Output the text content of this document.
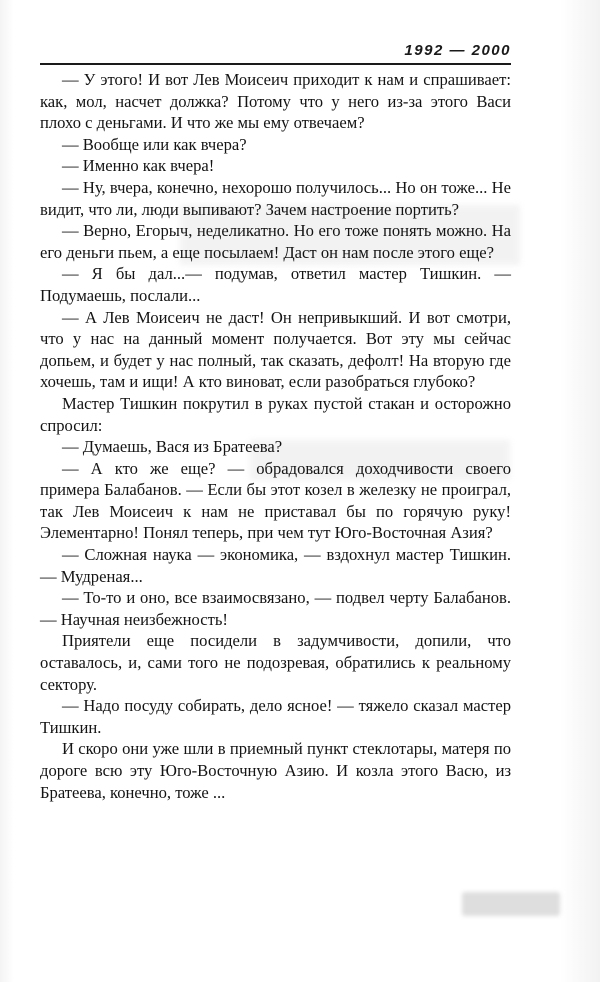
1992 — 2000

— У этого! И вот Лев Моисеич приходит к нам и спрашивает: как, мол, насчет должка? Потому что у него из-за этого Васи плохо с деньгами. И что же мы ему отвечаем?

— Вообще или как вчера?

— Именно как вчера!

— Ну, вчера, конечно, нехорошо получилось... Но он тоже... Не видит, что ли, люди выпивают? Зачем настроение портить?

— Верно, Егорыч, неделикатно. Но его тоже понять можно. На его деньги пьем, а еще посылаем! Даст он нам после этого еще?

— Я бы дал...— подумав, ответил мастер Тишкин. — Подумаешь, послали...

— А Лев Моисеич не даст! Он непривыкший. И вот смотри, что у нас на данный момент получается. Вот эту мы сейчас допьем, и будет у нас полный, так сказать, дефолт! На вторую где хочешь, там и ищи! А кто виноват, если разобраться глубоко?

Мастер Тишкин покрутил в руках пустой стакан и осторожно спросил:

— Думаешь, Вася из Братеева?

— А кто же еще? — обрадовался доходчивости своего примера Балабанов. — Если бы этот козел в железку не проиграл, так Лев Моисеич к нам не приставал бы по горячую руку! Элементарно! Понял теперь, при чем тут Юго-Восточная Азия?

— Сложная наука — экономика, — вздохнул мастер Тишкин. — Мудреная...

— То-то и оно, все взаимосвязано, — подвел черту Балабанов. — Научная неизбежность!

Приятели еще посидели в задумчивости, допили, что оставалось, и, сами того не подозревая, обратились к реальному сектору.

— Надо посуду собирать, дело ясное! — тяжело сказал мастер Тишкин.

И скоро они уже шли в приемный пункт стеклотары, матеря по дороге всю эту Юго-Восточную Азию. И козла этого Васю, из Братеева, конечно, тоже ...
